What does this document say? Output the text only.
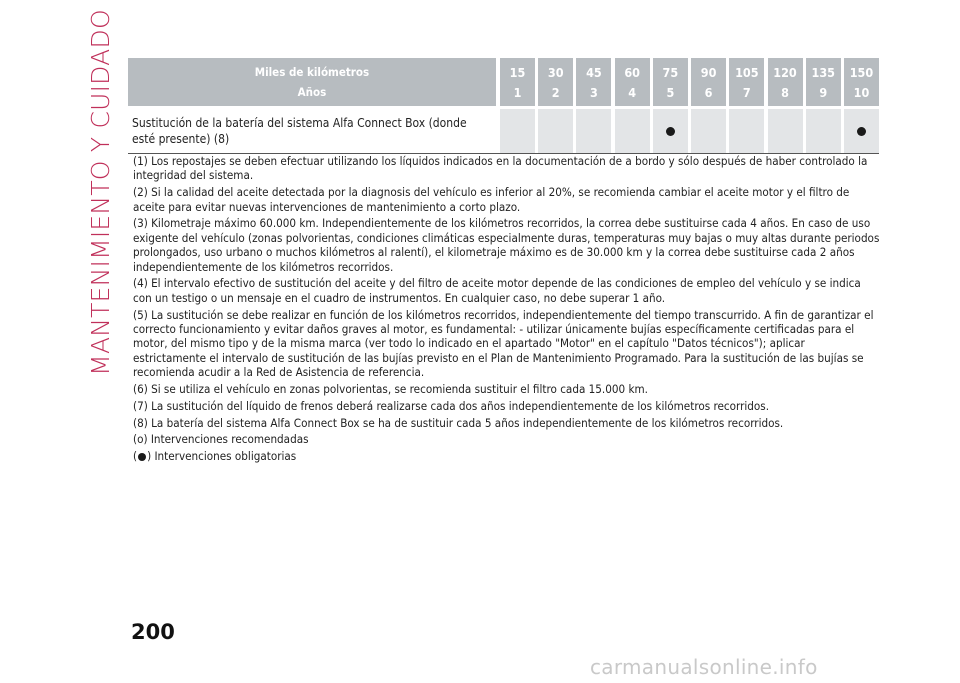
MANTENIMIENTO Y CUIDADO	Miles de kilómetros
Años
15
1
30
2
45
3
60
4
75
5
90
6
105
7
120
8
135
9
150
10
Sustitución de la batería del sistema Alfa Connect Box (donde esté presente) (8)
(1) Los repostajes se deben efectuar utilizando los líquidos indicados en la documentación de a bordo y sólo después de haber controlado la integridad del sistema.
(2) Si la calidad del aceite detectada por la diagnosis del vehículo es inferior al 20%, se recomienda cambiar el aceite motor y el filtro de aceite para evitar nuevas intervenciones de mantenimiento a corto plazo.
(3) Kilometraje máximo 60.000 km. Independientemente de los kilómetros recorridos, la correa debe sustituirse cada 4 años. En caso de uso exigente del vehículo (zonas polvorientas, condiciones climáticas especialmente duras, temperaturas muy bajas o muy altas durante periodos prolongados, uso urbano o muchos kilómetros al ralentí), el kilometraje máximo es de 30.000 km y la correa debe sustituirse cada 2 años independientemente de los kilómetros recorridos.
(4) El intervalo efectivo de sustitución del aceite y del filtro de aceite motor depende de las condiciones de empleo del vehículo y se indica con un testigo o un mensaje en el cuadro de instrumentos. En cualquier caso, no debe superar 1 año.
(5) La sustitución se debe realizar en función de los kilómetros recorridos, independientemente del tiempo transcurrido. A fin de garantizar el correcto funcionamiento y evitar daños graves al motor, es fundamental: - utilizar únicamente bujías específicamente certificadas para el motor, del mismo tipo y de la misma marca (ver todo lo indicado en el apartado "Motor" en el capítulo "Datos técnicos"); aplicar estrictamente el intervalo de sustitución de las bujías previsto en el Plan de Mantenimiento Programado. Para la sustitución de las bujías se recomienda acudir a la Red de Asistencia de referencia.
(6) Si se utiliza el vehículo en zonas polvorientas, se recomienda sustituir el filtro cada 15.000 km.
(7) La sustitución del líquido de frenos deberá realizarse cada dos años independientemente de los kilómetros recorridos.
(8) La batería del sistema Alfa Connect Box se ha de sustituir cada 5 años independientemente de los kilómetros recorridos.
(o) Intervenciones recomendadas
( ) Intervenciones obligatorias
200
carmanualsonline.info
